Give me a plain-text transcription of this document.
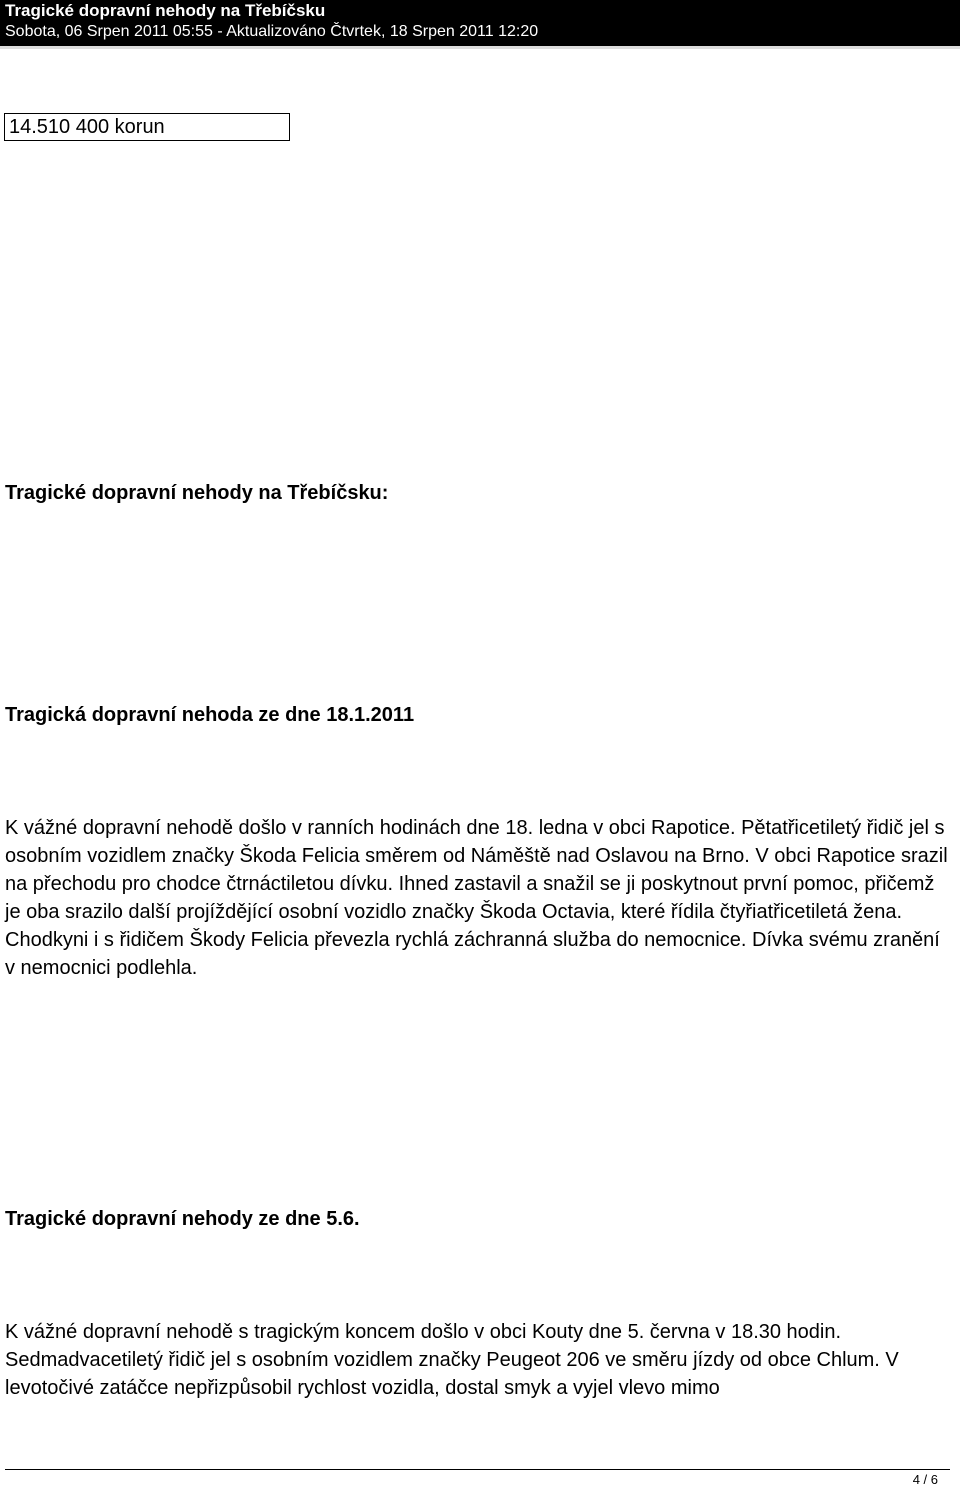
Tragické dopravní nehody na Třebíčsku
Sobota, 06 Srpen 2011 05:55 - Aktualizováno Čtvrtek, 18 Srpen 2011 12:20
14.510 400 korun
Tragické dopravní nehody na Třebíčsku:
Tragická dopravní nehoda ze dne 18.1.2011

K vážné dopravní nehodě došlo v ranních hodinách dne 18. ledna v obci Rapotice. Pětatřicetiletý řidič jel s osobním vozidlem značky Škoda Felicia směrem od Náměště nad Oslavou na Brno. V obci Rapotice srazil na přechodu pro chodce čtrnáctiletou dívku. Ihned zastavil a snažil se ji poskytnout první pomoc, přičemž je oba srazilo další projíždějící osobní vozidlo značky Škoda Octavia, které řídila čtyřiatřicetiletá žena. Chodkyni i s řidičem Škody Felicia převezla rychlá záchranná služba do nemocnice. Dívka svému zranění v nemocnici podlehla.

Tragické dopravní nehody ze dne 5.6.

K vážné dopravní nehodě s tragickým koncem došlo v obci Kouty dne 5. června v 18.30 hodin. Sedmadvacetiletý řidič jel s osobním vozidlem značky Peugeot 206 ve směru jízdy od obce Chlum. V levotočivé zatáčce nepřizpůsobil rychlost vozidla, dostal smyk a vyjel vlevo mimo

4 / 6
